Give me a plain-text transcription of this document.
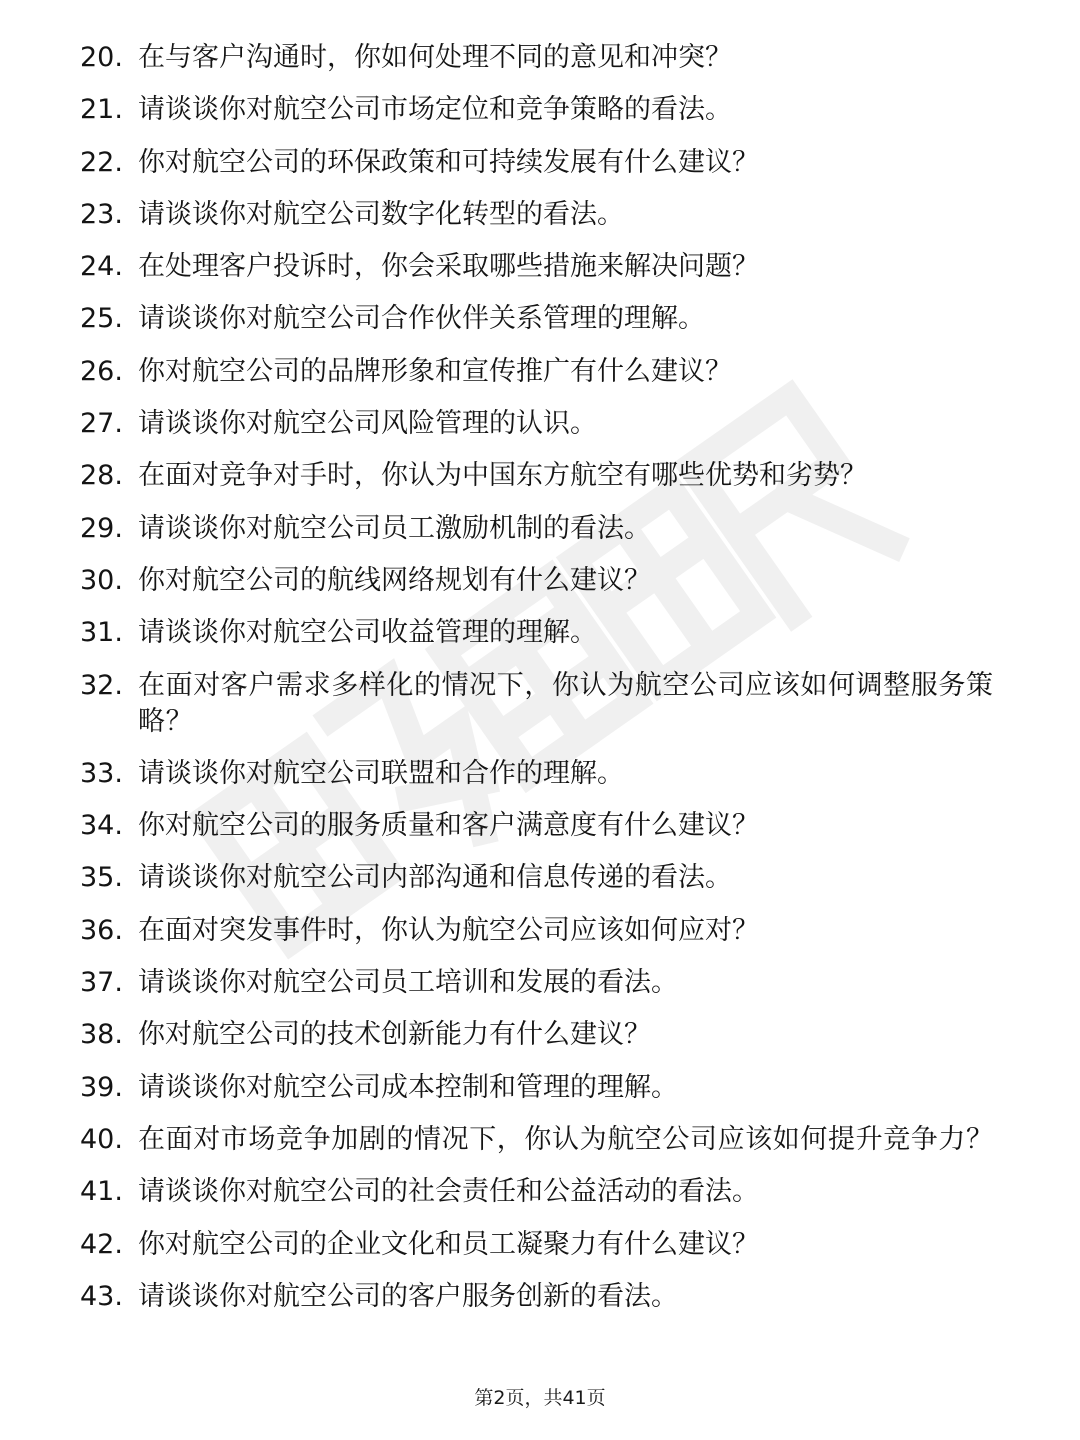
20. 在与客户沟通时，你如何处理不同的意见和冲突？
21. 请谈谈你对航空公司市场定位和竞争策略的看法。
22. 你对航空公司的环保政策和可持续发展有什么建议？
23. 请谈谈你对航空公司数字化转型的看法。
24. 在处理客户投诉时，你会采取哪些措施来解决问题？
25. 请谈谈你对航空公司合作伙伴关系管理的理解。
26. 你对航空公司的品牌形象和宣传推广有什么建议？
27. 请谈谈你对航空公司风险管理的认识。
28. 在面对竞争对手时，你认为中国东方航空有哪些优势和劣势？
29. 请谈谈你对航空公司员工激励机制的看法。
30. 你对航空公司的航线网络规划有什么建议？
31. 请谈谈你对航空公司收益管理的理解。
32. 在面对客户需求多样化的情况下，你认为航空公司应该如何调整服务策略？
33. 请谈谈你对航空公司联盟和合作的理解。
34. 你对航空公司的服务质量和客户满意度有什么建议？
35. 请谈谈你对航空公司内部沟通和信息传递的看法。
36. 在面对突发事件时，你认为航空公司应该如何应对？
37. 请谈谈你对航空公司员工培训和发展的看法。
38. 你对航空公司的技术创新能力有什么建议？
39. 请谈谈你对航空公司成本控制和管理的理解。
40. 在面对市场竞争加剧的情况下，你认为航空公司应该如何提升竞争力？
41. 请谈谈你对航空公司的社会责任和公益活动的看法。
42. 你对航空公司的企业文化和员工凝聚力有什么建议？
43. 请谈谈你对航空公司的客户服务创新的看法。
第2页，共41页
